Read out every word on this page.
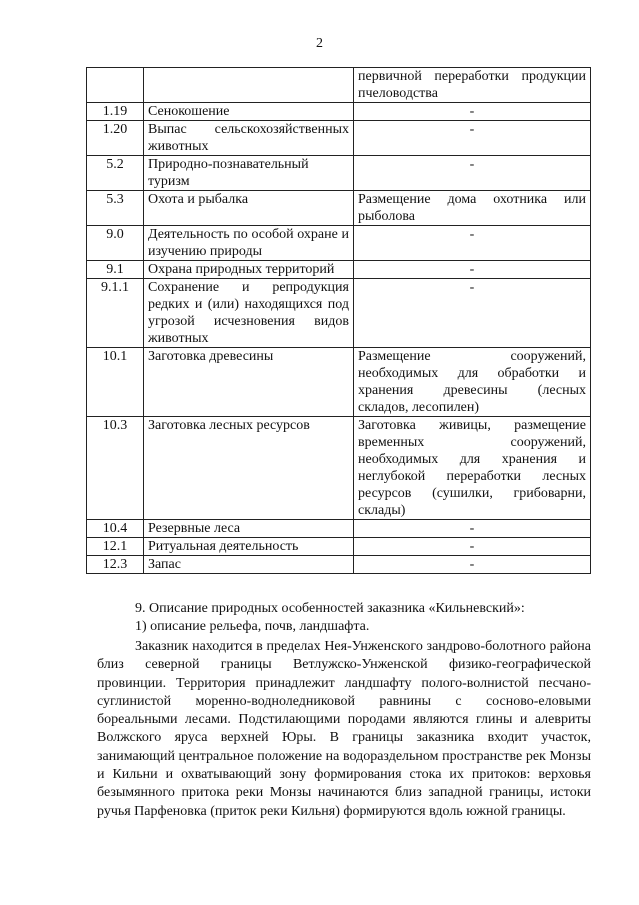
2
		первичной переработки продукции пчеловодства
1.19	Сенокошение	-
1.20	Выпас сельскохозяйственных животных	-
5.2	Природно-познавательный туризм	-
5.3	Охота и рыбалка	Размещение дома охотника или рыболова
9.0	Деятельность по особой охране и изучению природы	-
9.1	Охрана природных территорий	-
9.1.1	Сохранение и репродукция редких и (или) находящихся под угрозой исчезновения видов животных	-
10.1	Заготовка древесины	Размещение сооружений, необходимых для обработки и хранения древесины (лесных складов, лесопилен)
10.3	Заготовка лесных ресурсов	Заготовка живицы, размещение временных сооружений, необходимых для хранения и неглубокой переработки лесных ресурсов (сушилки, грибоварни, склады)
10.4	Резервные леса	-
12.1	Ритуальная деятельность	-
12.3	Запас	-
9. Описание природных особенностей заказника «Кильневский»:
1) описание рельефа, почв, ландшафта.
Заказник находится в пределах Нея-Унженского зандрово-болотного района близ северной границы Ветлужско-Унженской физико-географической провинции. Территория принадлежит ландшафту полого-волнистой песчано-суглинистой моренно-водноледниковой равнины с сосново-еловыми бореальными лесами. Подстилающими породами являются глины и алевриты Волжского яруса верхней Юры. В границы заказника входит участок, занимающий центральное положение на водораздельном пространстве рек Монзы и Кильни и охватывающий зону формирования стока их притоков: верховья безымянного притока реки Монзы начинаются близ западной границы, истоки ручья Парфеновка (приток реки Кильня) формируются вдоль южной границы.
